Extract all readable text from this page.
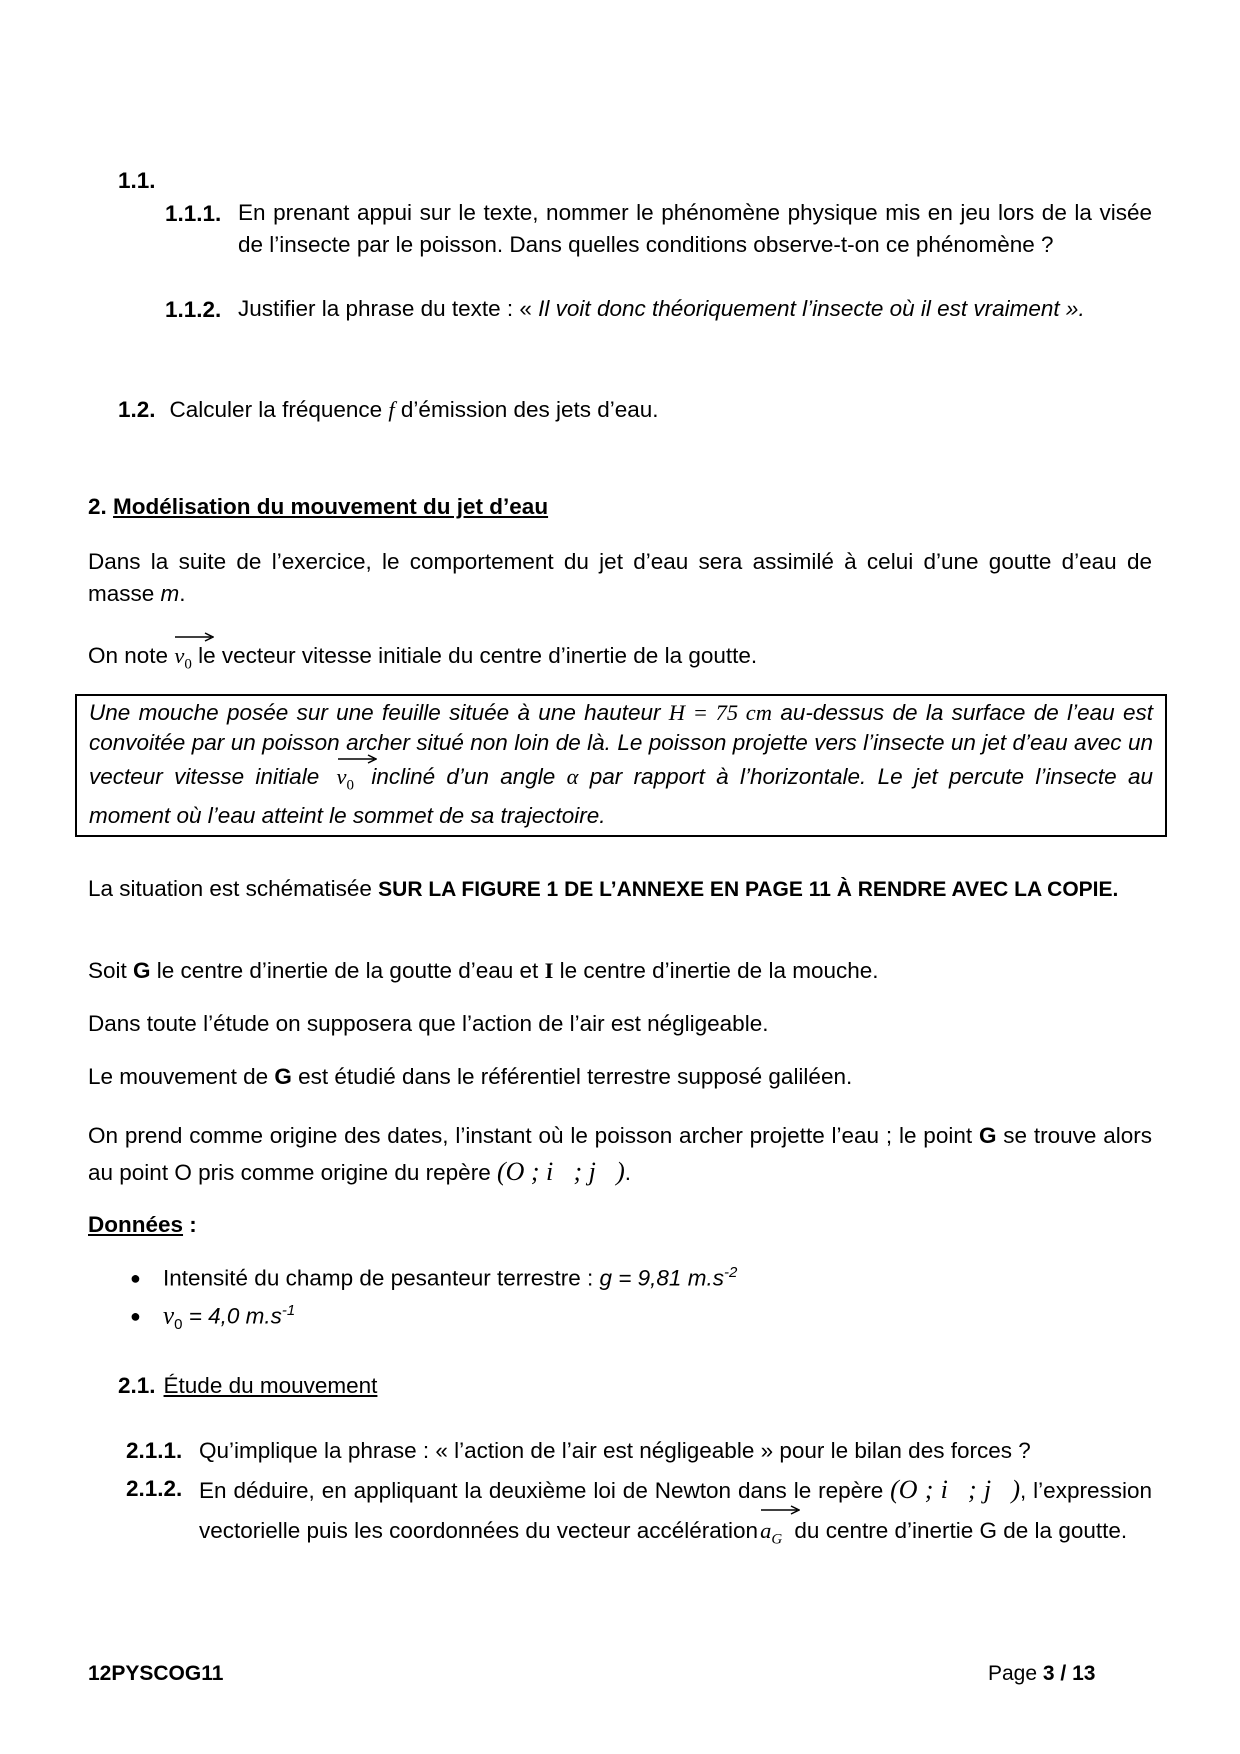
1.1.
1.1.1. En prenant appui sur le texte, nommer le phénomène physique mis en jeu lors de la visée de l’insecte par le poisson. Dans quelles conditions observe-t-on ce phénomène ?
1.1.2. Justifier la phrase du texte : « Il voit donc théoriquement l’insecte où il est vraiment ».
1.2. Calculer la fréquence f d’émission des jets d’eau.
2. Modélisation du mouvement du jet d’eau
Dans la suite de l’exercice, le comportement du jet d’eau sera assimilé à celui d’une goutte d’eau de masse m.
On note
$v_0$ le vecteur vitesse initiale du centre d’inertie de la goutte.
Une mouche posée sur une feuille située à une hauteur H = 75 cm au-dessus de la surface de l’eau est convoitée par un poisson archer situé non loin de là. Le poisson projette vers l’insecte un jet d’eau avec un vecteur vitesse initiale
$v_0$ incliné d’un angle α par rapport à l’horizontale. Le jet percute l’insecte au moment où l’eau atteint le sommet de sa trajectoire.
La situation est schématisée SUR LA FIGURE 1 DE L’ANNEXE EN PAGE 11 À RENDRE AVEC LA COPIE.
Soit G le centre d’inertie de la goutte d’eau et I le centre d’inertie de la mouche.
Dans toute l’étude on supposera que l’action de l’air est négligeable.
Le mouvement de G est étudié dans le référentiel terrestre supposé galiléen.
On prend comme origine des dates, l’instant où le poisson archer projette l’eau ; le point G se trouve alors au point O pris comme origine du repère (O ; i⃗; j⃗).
Données :
● Intensité du champ de pesanteur terrestre : g = 9,81 $m.s^{-2}$
● $v_0 = 4,0$ $m.s^{-1}$
2.1. Étude du mouvement
2.1.1. Qu’implique la phrase : « l’action de l’air est négligeable » pour le bilan des forces ?
2.1.2. En déduire, en appliquant la deuxième loi de Newton dans le repère (O ; i⃗; j⃗), l’expression vectorielle puis les coordonnées du vecteur accélération
$a_G$ du centre d’inertie G de la goutte.
12PYSCOG11	Page 3 / 13
